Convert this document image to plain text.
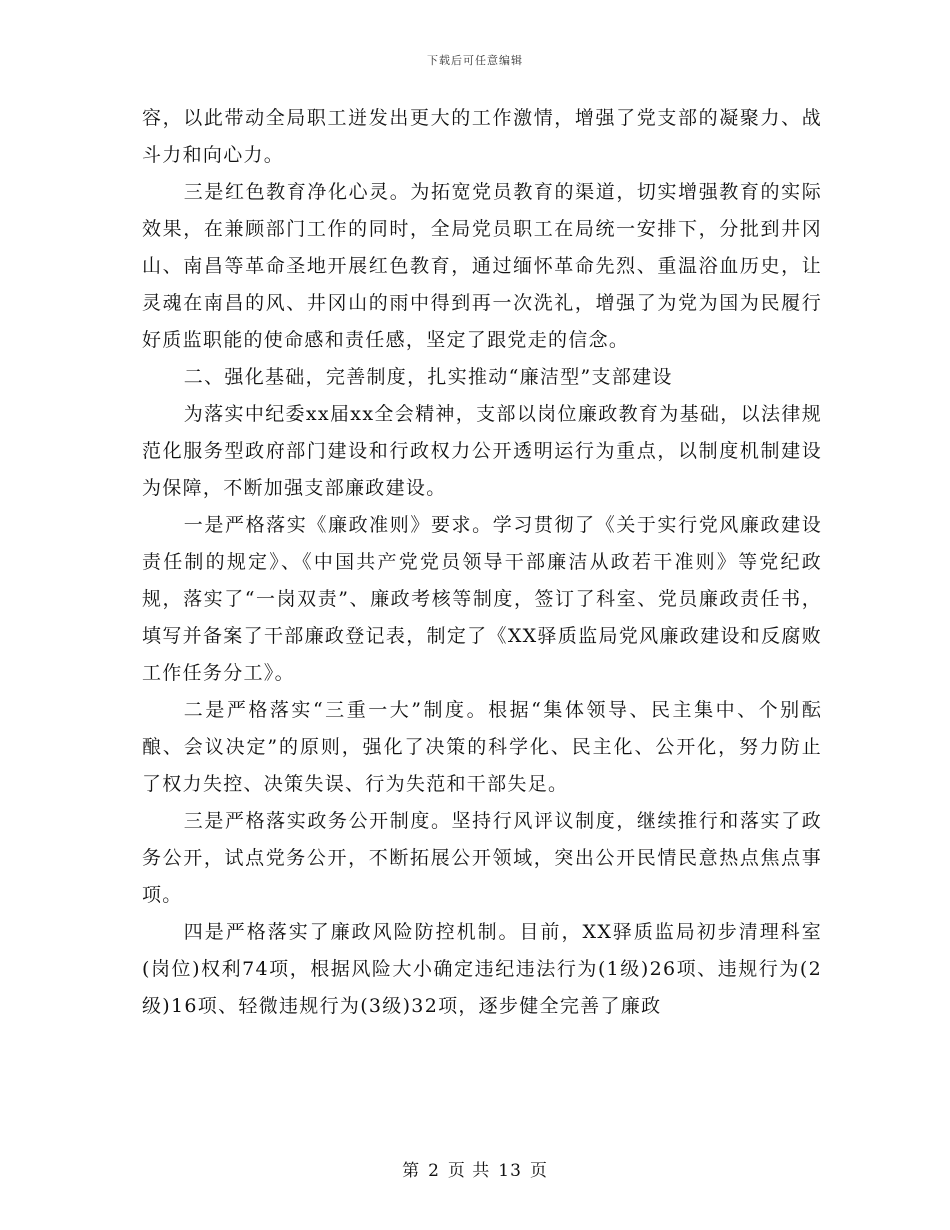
下载后可任意编辑

容，以此带动全局职工迸发出更大的工作激情，增强了党支部的凝聚力、战斗力和向心力。

三是红色教育净化心灵。为拓宽党员教育的渠道，切实增强教育的实际效果，在兼顾部门工作的同时，全局党员职工在局统一安排下，分批到井冈山、南昌等革命圣地开展红色教育，通过缅怀革命先烈、重温浴血历史，让灵魂在南昌的风、井冈山的雨中得到再一次洗礼，增强了为党为国为民履行好质监职能的使命感和责任感，坚定了跟党走的信念。

二、强化基础，完善制度，扎实推动“廉洁型”支部建设

为落实中纪委xx届xx全会精神，支部以岗位廉政教育为基础，以法律规范化服务型政府部门建设和行政权力公开透明运行为重点，以制度机制建设为保障，不断加强支部廉政建设。

一是严格落实《廉政准则》要求。学习贯彻了《关于实行党风廉政建设责任制的规定》、《中国共产党党员领导干部廉洁从政若干准则》等党纪政规，落实了“一岗双责”、廉政考核等制度，签订了科室、党员廉政责任书，填写并备案了干部廉政登记表，制定了《XX驿质监局党风廉政建设和反腐败工作任务分工》。

二是严格落实“三重一大”制度。根据“集体领导、民主集中、个别酝酿、会议决定”的原则，强化了决策的科学化、民主化、公开化，努力防止了权力失控、决策失误、行为失范和干部失足。

三是严格落实政务公开制度。坚持行风评议制度，继续推行和落实了政务公开，试点党务公开，不断拓展公开领域，突出公开民情民意热点焦点事项。

四是严格落实了廉政风险防控机制。目前，XX驿质监局初步清理科室(岗位)权利74项，根据风险大小确定违纪违法行为(1级)26项、违规行为(2级)16项、轻微违规行为(3级)32项，逐步健全完善了廉政

第 2 页 共 13 页
